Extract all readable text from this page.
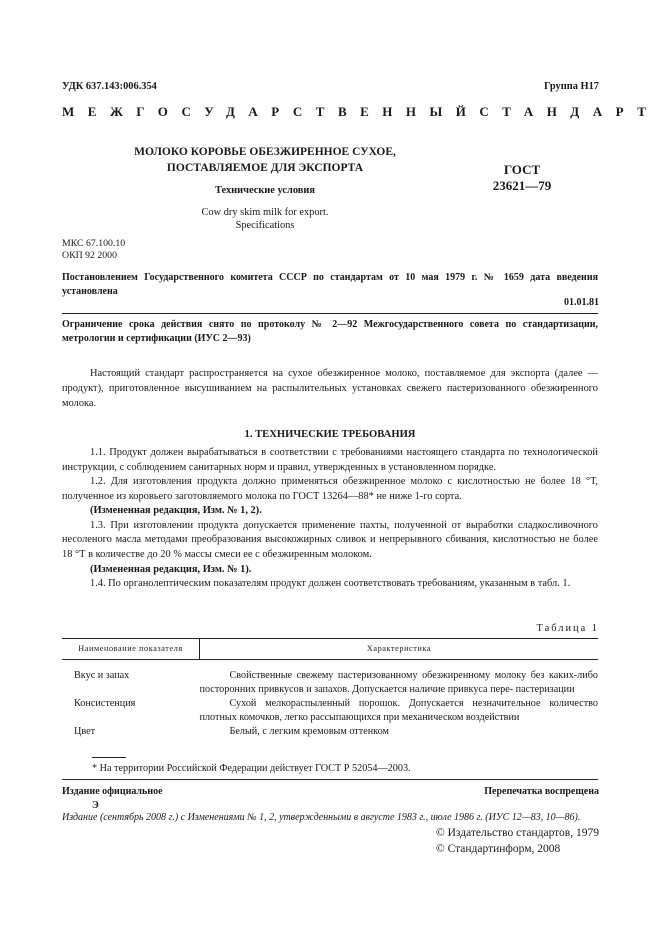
УДК 637.143:006.354	Группа Н17
МЕЖГОСУДАРСТВЕННЫЙ СТАНДАРТ
МОЛОКО КОРОВЬЕ ОБЕЗЖИРЕННОЕ СУХОЕ,
ПОСТАВЛЯЕМОЕ ДЛЯ ЭКСПОРТА
Технические условия
Cow dry skim milk for export.
Specifications
ГОСТ
23621—79
МКС 67.100.10
ОКП 92 2000
Постановлением Государственного комитета СССР по стандартам от 10 мая 1979 г. № 1659 дата введения установлена
01.01.81
Ограничение срока действия снято по протоколу № 2—92 Межгосударственного совета по стандартизации, метрологии и сертификации (ИУС 2—93)

Настоящий стандарт распространяется на сухое обезжиренное молоко, поставляемое для экспорта (далее — продукт), приготовленное высушиванием на распылительных установках свежего пастеризованного обезжиренного молока.

1. ТЕХНИЧЕСКИЕ ТРЕБОВАНИЯ

1.1. Продукт должен вырабатываться в соответствии с требованиями настоящего стандарта по технологической инструкции, с соблюдением санитарных норм и правил, утвержденных в установленном порядке.

1.2. Для изготовления продукта должно применяться обезжиренное молоко с кислотностью не более 18 °Т, полученное из коровьего заготовляемого молока по ГОСТ 13264—88* не ниже 1-го сорта.

(Измененная редакция, Изм. № 1, 2).

1.3. При изготовлении продукта допускается применение пахты, полученной от выработки сладкосливочного несоленого масла методами преобразования высокожирных сливок и непрерывного сбивания, кислотностью не более 18 °Т в количестве до 20 % массы смеси ее с обезжиренным молоком.

(Измененная редакция, Изм. № 1).

1.4. По органолептическим показателям продукт должен соответствовать требованиям, указанным в табл. 1.

Таблица 1
Наименование показателя	Характеристика
Вкус и запах	Свойственные свежему пастеризованному обезжиренному молоку без каких-либо посторонних привкусов и запахов. Допускается наличие привкуса пере- пастеризации

Консистенция	Сухой мелкораспыленный порошок. Допускается незначительное количество плотных комочков, легко рассыпающихся при механическом воздействии

Цвет	Белый, с легким кремовым оттенком
* На территории Российской Федерации действует ГОСТ Р 52054—2003.
Издание официальное	Перепечатка воспрещена
Э
Издание (сентябрь 2008 г.) с Изменениями № 1, 2, утвержденными в августе 1983 г., июле 1986 г. (ИУС 12—83, 10—86).
© Издательство стандартов, 1979
© Стандартинформ, 2008
